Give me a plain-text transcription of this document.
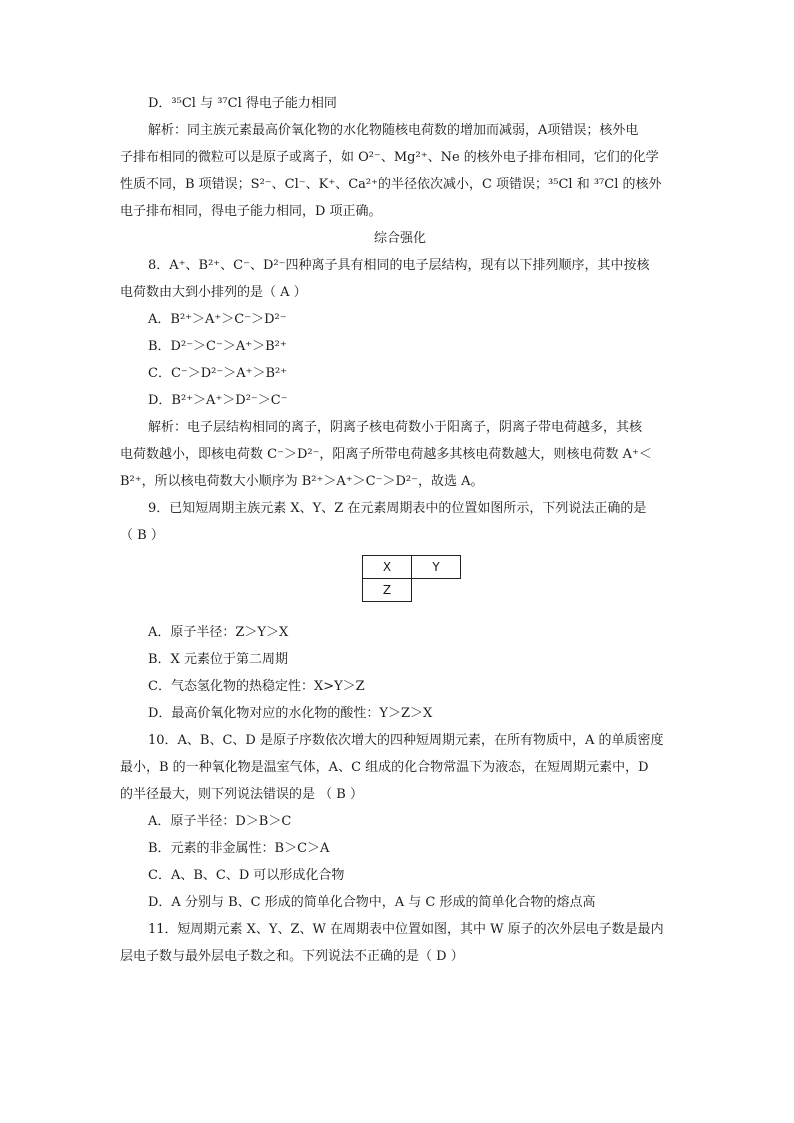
D．³⁵Cl 与 ³⁷Cl 得电子能力相同
解析：同主族元素最高价氧化物的水化物随核电荷数的增加而减弱，A项错误；核外电
子排布相同的微粒可以是原子或离子，如 O²⁻、Mg²⁺、Ne 的核外电子排布相同，它们的化学
性质不同，B 项错误；S²⁻、Cl⁻、K⁺、Ca²⁺的半径依次减小，C 项错误；³⁵Cl 和 ³⁷Cl 的核外
电子排布相同，得电子能力相同，D 项正确。
综合强化
8．A⁺、B²⁺、C⁻、D²⁻四种离子具有相同的电子层结构，现有以下排列顺序，其中按核
电荷数由大到小排列的是（ A ）
A．B²⁺＞A⁺＞C⁻＞D²⁻
B．D²⁻＞C⁻＞A⁺＞B²⁺
C．C⁻＞D²⁻＞A⁺＞B²⁺
D．B²⁺＞A⁺＞D²⁻＞C⁻
解析：电子层结构相同的离子，阴离子核电荷数小于阳离子，阴离子带电荷越多，其核
电荷数越小，即核电荷数 C⁻＞D²⁻，阳离子所带电荷越多其核电荷数越大，则核电荷数 A⁺＜
B²⁺，所以核电荷数大小顺序为 B²⁺＞A⁺＞C⁻＞D²⁻，故选 A。
9．已知短周期主族元素 X、Y、Z 在元素周期表中的位置如图所示，下列说法正确的是
（ B ）
X	Y
Z	
A．原子半径：Z＞Y＞X
B．X 元素位于第二周期
C．气态氢化物的热稳定性：X>Y＞Z
D．最高价氧化物对应的水化物的酸性：Y＞Z＞X
10．A、B、C、D 是原子序数依次增大的四种短周期元素，在所有物质中，A 的单质密度
最小，B 的一种氧化物是温室气体，A、C 组成的化合物常温下为液态，在短周期元素中，D
的半径最大，则下列说法错误的是 （ B ）
A．原子半径：D＞B＞C
B．元素的非金属性：B＞C＞A
C．A、B、C、D 可以形成化合物
D．A 分别与 B、C 形成的简单化合物中，A 与 C 形成的简单化合物的熔点高
11．短周期元素 X、Y、Z、W 在周期表中位置如图，其中 W 原子的次外层电子数是最内
层电子数与最外层电子数之和。下列说法不正确的是（ D ）
